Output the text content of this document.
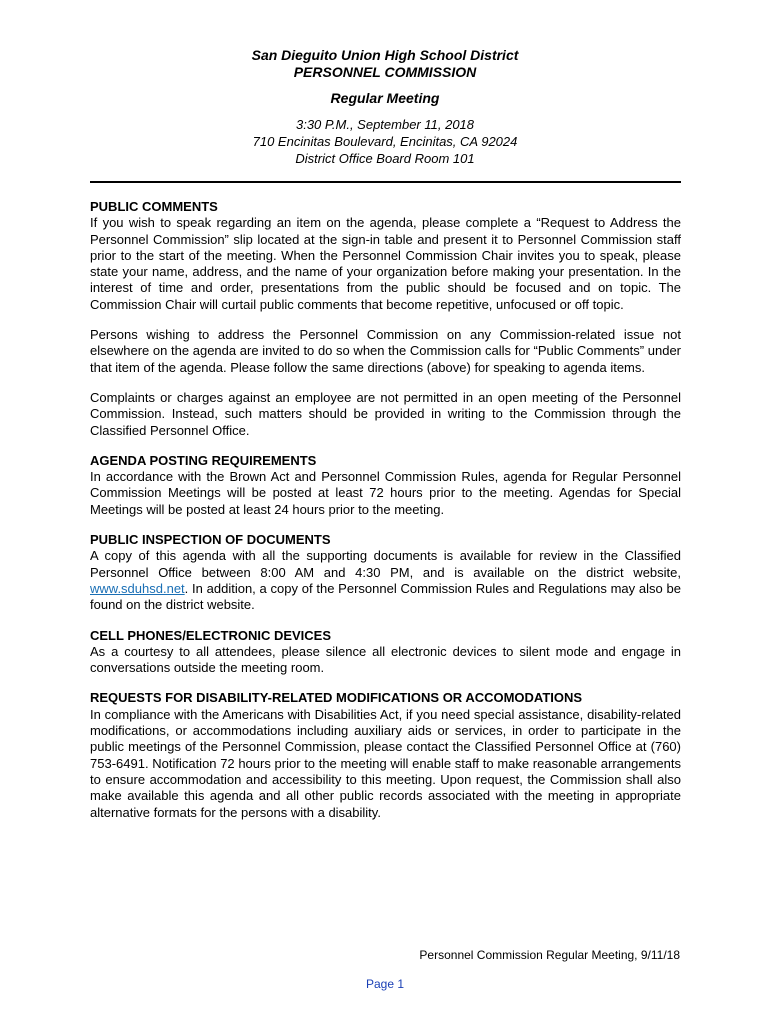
San Dieguito Union High School District
PERSONNEL COMMISSION
Regular Meeting
3:30 P.M., September 11, 2018
710 Encinitas Boulevard, Encinitas, CA 92024
District Office Board Room 101
PUBLIC COMMENTS

If you wish to speak regarding an item on the agenda, please complete a “Request to Address the Personnel Commission” slip located at the sign-in table and present it to Personnel Commission staff prior to the start of the meeting. When the Personnel Commission Chair invites you to speak, please state your name, address, and the name of your organization before making your presentation. In the interest of time and order, presentations from the public should be focused and on topic. The Commission Chair will curtail public comments that become repetitive, unfocused or off topic.

Persons wishing to address the Personnel Commission on any Commission-related issue not elsewhere on the agenda are invited to do so when the Commission calls for “Public Comments” under that item of the agenda. Please follow the same directions (above) for speaking to agenda items.

Complaints or charges against an employee are not permitted in an open meeting of the Personnel Commission. Instead, such matters should be provided in writing to the Commission through the Classified Personnel Office.

AGENDA POSTING REQUIREMENTS

In accordance with the Brown Act and Personnel Commission Rules, agenda for Regular Personnel Commission Meetings will be posted at least 72 hours prior to the meeting. Agendas for Special Meetings will be posted at least 24 hours prior to the meeting.

PUBLIC INSPECTION OF DOCUMENTS

A copy of this agenda with all the supporting documents is available for review in the Classified Personnel Office between 8:00 AM and 4:30 PM, and is available on the district website, www.sduhsd.net. In addition, a copy of the Personnel Commission Rules and Regulations may also be found on the district website.

CELL PHONES/ELECTRONIC DEVICES

As a courtesy to all attendees, please silence all electronic devices to silent mode and engage in conversations outside the meeting room.

REQUESTS FOR DISABILITY-RELATED MODIFICATIONS OR ACCOMODATIONS

In compliance with the Americans with Disabilities Act, if you need special assistance, disability-related modifications, or accommodations including auxiliary aids or services, in order to participate in the public meetings of the Personnel Commission, please contact the Classified Personnel Office at (760) 753-6491. Notification 72 hours prior to the meeting will enable staff to make reasonable arrangements to ensure accommodation and accessibility to this meeting. Upon request, the Commission shall also make available this agenda and all other public records associated with the meeting in appropriate alternative formats for the persons with a disability.

Personnel Commission Regular Meeting, 9/11/18
Page 1
